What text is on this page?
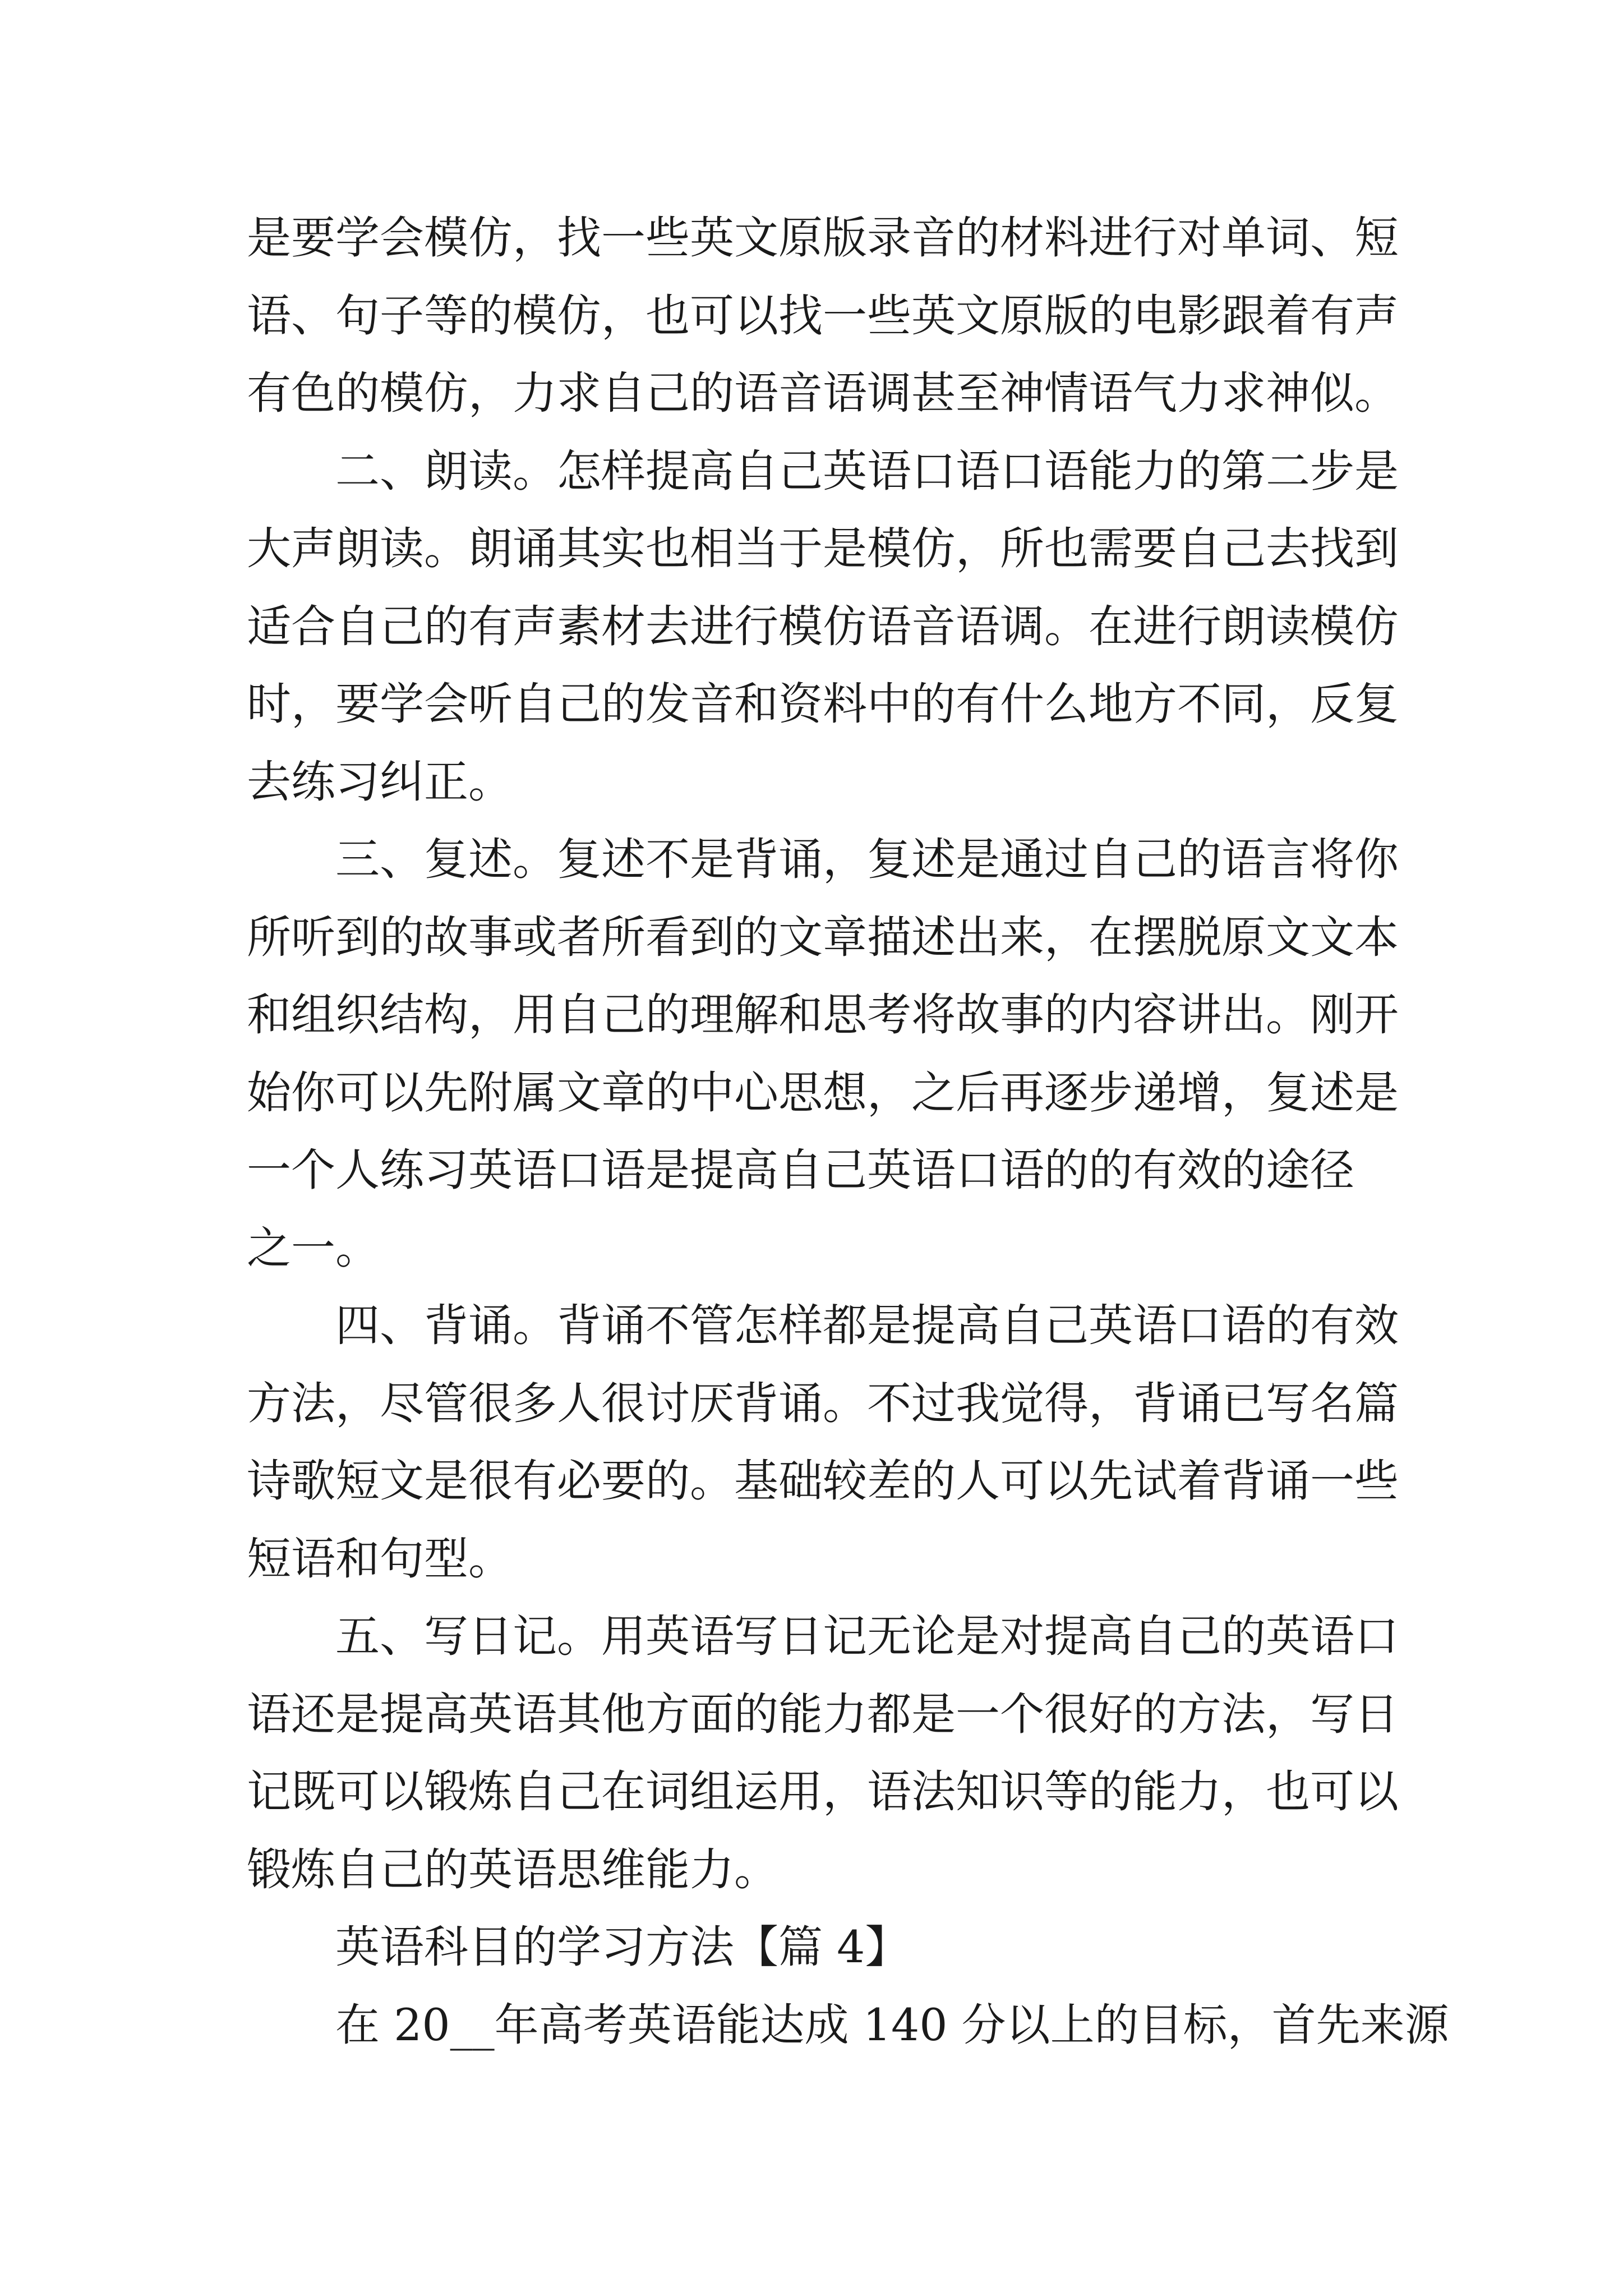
是要学会模仿，找一些英文原版录音的材料进行对单词、短
语、句子等的模仿，也可以找一些英文原版的电影跟着有声
有色的模仿，力求自己的语音语调甚至神情语气力求神似。

二、朗读。怎样提高自己英语口语口语能力的第二步是
大声朗读。朗诵其实也相当于是模仿，所也需要自己去找到
适合自己的有声素材去进行模仿语音语调。在进行朗读模仿
时，要学会听自己的发音和资料中的有什么地方不同，反复
去练习纠正。
三、复述。复述不是背诵，复述是通过自己的语言将你
所听到的故事或者所看到的文章描述出来，在摆脱原文文本
和组织结构，用自己的理解和思考将故事的内容讲出。刚开
始你可以先附属文章的中心思想，之后再逐步递增，复述是
一个人练习英语口语是提高自己英语口语的的有效的途径
之一。
四、背诵。背诵不管怎样都是提高自己英语口语的有效
方法，尽管很多人很讨厌背诵。不过我觉得，背诵已写名篇
诗歌短文是很有必要的。基础较差的人可以先试着背诵一些
短语和句型。
五、写日记。用英语写日记无论是对提高自己的英语口
语还是提高英语其他方面的能力都是一个很好的方法，写日
记既可以锻炼自己在词组运用，语法知识等的能力，也可以
锻炼自己的英语思维能力。
英语科目的学习方法【篇 4】
在 20__年高考英语能达成 140 分以上的目标，首先来源
